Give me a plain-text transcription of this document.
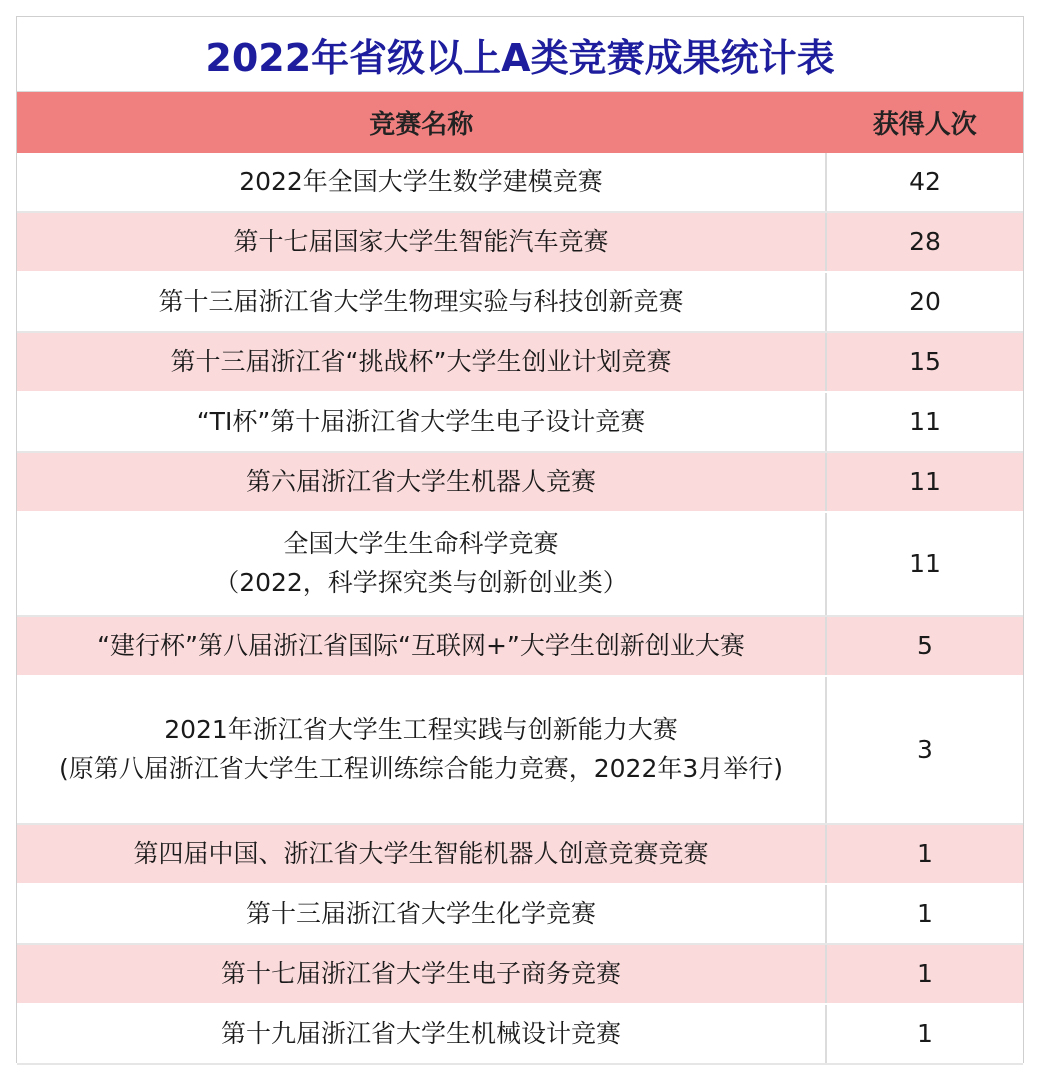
2022年省级以上A类竞赛成果统计表
竞赛名称	获得人次

2022年全国大学生数学建模竞赛	42

第十七届国家大学生智能汽车竞赛	28

第十三届浙江省大学生物理实验与科技创新竞赛	20

第十三届浙江省“挑战杯”大学生创业计划竞赛	15

“TI杯”第十届浙江省大学生电子设计竞赛	11

第六届浙江省大学生机器人竞赛	11

全国大学生生命科学竞赛
（2022，科学探究类与创新创业类）	11

“建行杯”第八届浙江省国际“互联网+”大学生创新创业大赛	5

2021年浙江省大学生工程实践与创新能力大赛
(原第八届浙江省大学生工程训练综合能力竞赛，2022年3月举行)	3

第四届中国、浙江省大学生智能机器人创意竞赛竞赛	1

第十三届浙江省大学生化学竞赛	1

第十七届浙江省大学生电子商务竞赛	1

第十九届浙江省大学生机械设计竞赛	1
